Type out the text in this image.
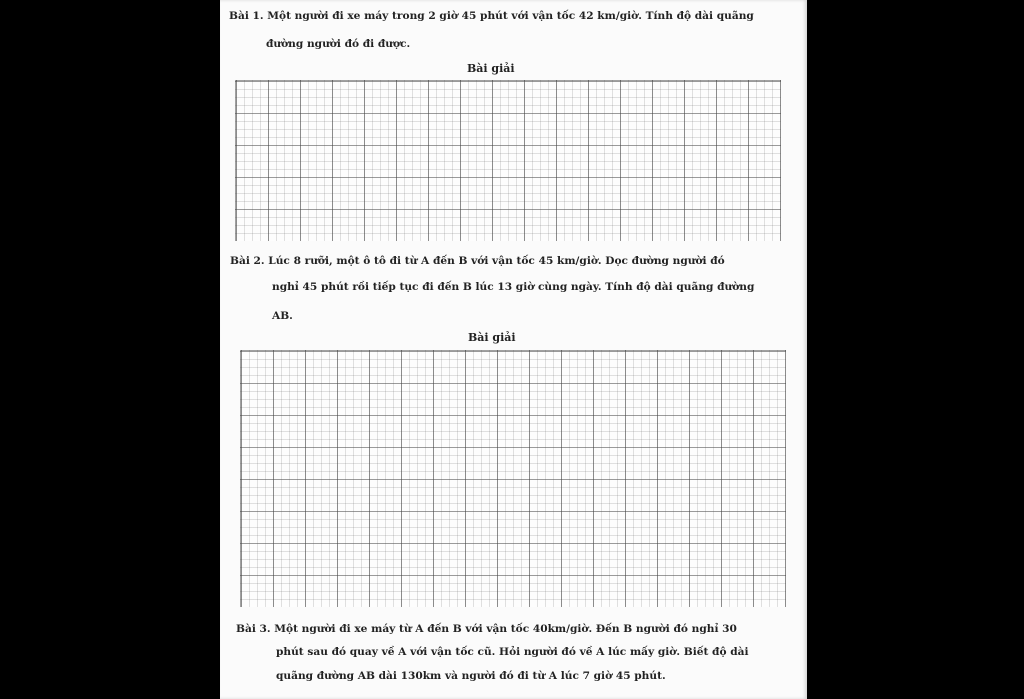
Bài 1. Một người đi xe máy trong 2 giờ 45 phút với vận tốc 42 km/giờ. Tính độ dài quãng
đường người đó đi được.
Bài giải
Bài 2. Lúc 8 rưỡi, một ô tô đi từ A đến B với vận tốc 45 km/giờ. Dọc đường người đó
nghỉ 45 phút rồi tiếp tục đi đến B lúc 13 giờ cùng ngày. Tính độ dài quãng đường
AB.
Bài giải
Bài 3. Một người đi xe máy từ A đến B với vận tốc 40km/giờ. Đến B người đó nghỉ 30
phút sau đó quay về A với vận tốc cũ. Hỏi người đó về A lúc mấy giờ. Biết độ dài
quãng đường AB dài 130km và người đó đi từ A lúc 7 giờ 45 phút.
